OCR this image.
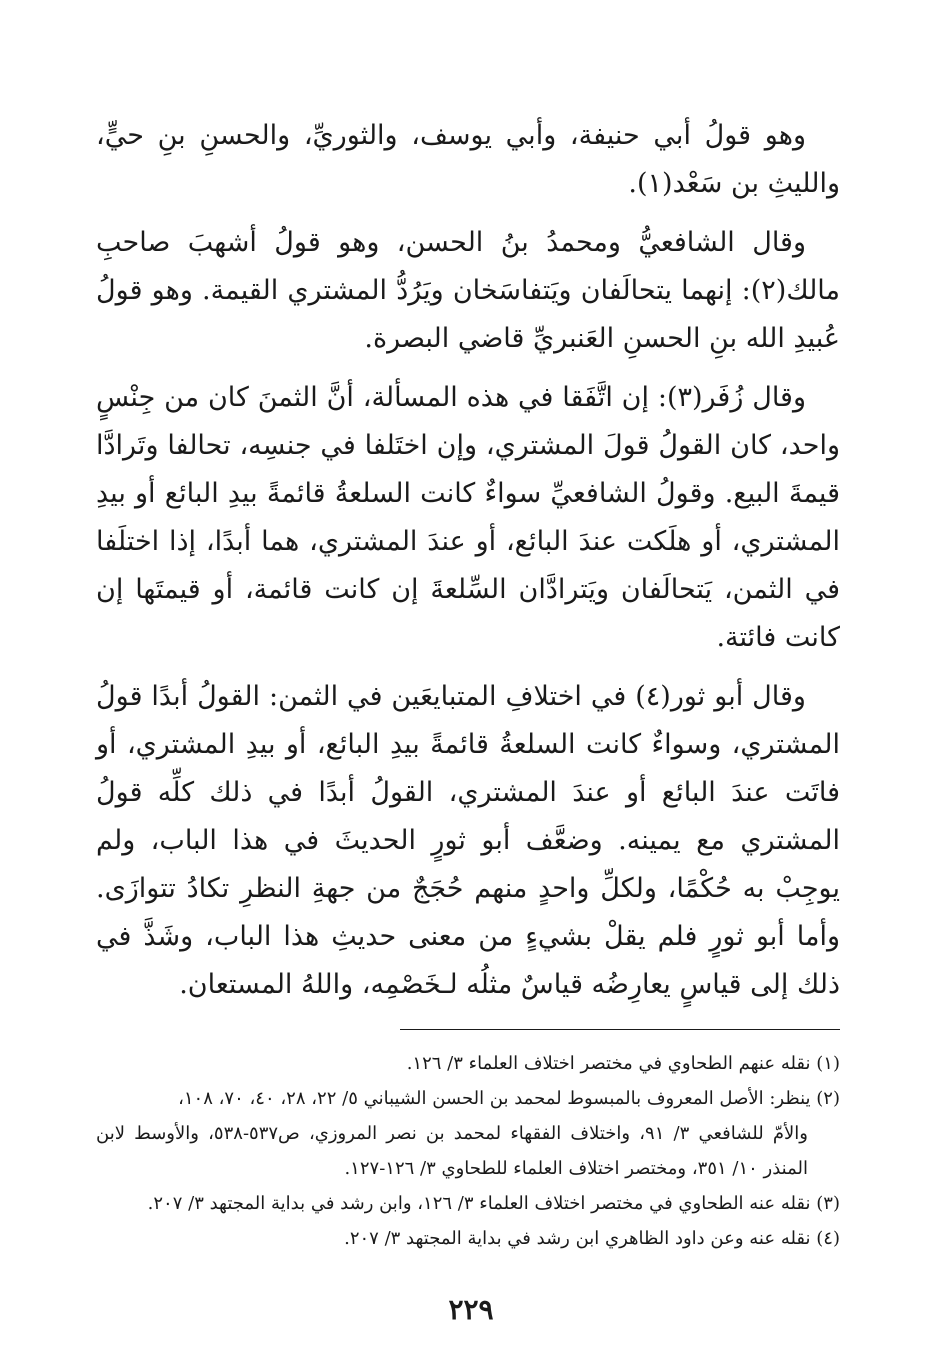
وهو قولُ أبي حنيفة، وأبي يوسف، والثوريِّ، والحسنِ بنِ حيٍّ، والليثِ بن سَعْد(١).

وقال الشافعيُّ ومحمدُ بنُ الحسن، وهو قولُ أشهبَ صاحبِ مالك(٢): إنهما يتحالَفان ويَتفاسَخان ويَرُدُّ المشتري القيمة. وهو قولُ عُبيدِ الله بنِ الحسنِ العَنبريِّ قاضي البصرة.

وقال زُفَر(٣): إن اتَّفَقا في هذه المسألة، أنَّ الثمنَ كان من جِنْسٍ واحد، كان القولُ قولَ المشتري، وإن اختَلفا في جنسِه، تحالفا وتَرادَّا قيمةَ البيع. وقولُ الشافعيِّ سواءٌ كانت السلعةُ قائمةً بيدِ البائع أو بيدِ المشتري، أو هلَكت عندَ البائع، أو عندَ المشتري، هما أبدًا، إذا اختلَفا في الثمن، يَتحالَفان ويَترادَّان السِّلعةَ إن كانت قائمة، أو قيمتَها إن كانت فائتة.

وقال أبو ثور(٤) في اختلافِ المتبايعَين في الثمن: القولُ أبدًا قولُ المشتري، وسواءٌ كانت السلعةُ قائمةً بيدِ البائع، أو بيدِ المشتري، أو فاتَت عندَ البائع أو عندَ المشتري، القولُ أبدًا في ذلك كلِّه قولُ المشتري مع يمينه. وضعَّف أبو ثورٍ الحديثَ في هذا الباب، ولم يوجِبْ به حُكْمًا، ولكلِّ واحدٍ منهم حُجَجٌ من جهةِ النظرِ تكادُ تتوازَى. وأما أبو ثورٍ فلم يقلْ بشيءٍ من معنى حديثِ هذا الباب، وشَذَّ في ذلك إلى قياسٍ يعارِضُه قياسٌ مثلُه لـخَصْمِه، واللهُ المستعان.

(١) نقله عنهم الطحاوي في مختصر اختلاف العلماء ٣/ ١٢٦.

(٢) ينظر: الأصل المعروف بالمبسوط لمحمد بن الحسن الشيباني ٥/ ٢٢، ٢٨، ٤٠، ٧٠، ١٠٨،
والأمّ للشافعي ٣/ ٩١، واختلاف الفقهاء لمحمد بن نصر المروزي، ص٥٣٧-٥٣٨، والأوسط لابن المنذر ١٠/ ٣٥١، ومختصر اختلاف العلماء للطحاوي ٣/ ١٢٦-١٢٧.

(٣) نقله عنه الطحاوي في مختصر اختلاف العلماء ٣/ ١٢٦، وابن رشد في بداية المجتهد ٣/ ٢٠٧.

(٤) نقله عنه وعن داود الظاهري ابن رشد في بداية المجتهد ٣/ ٢٠٧.

٢٢٩
